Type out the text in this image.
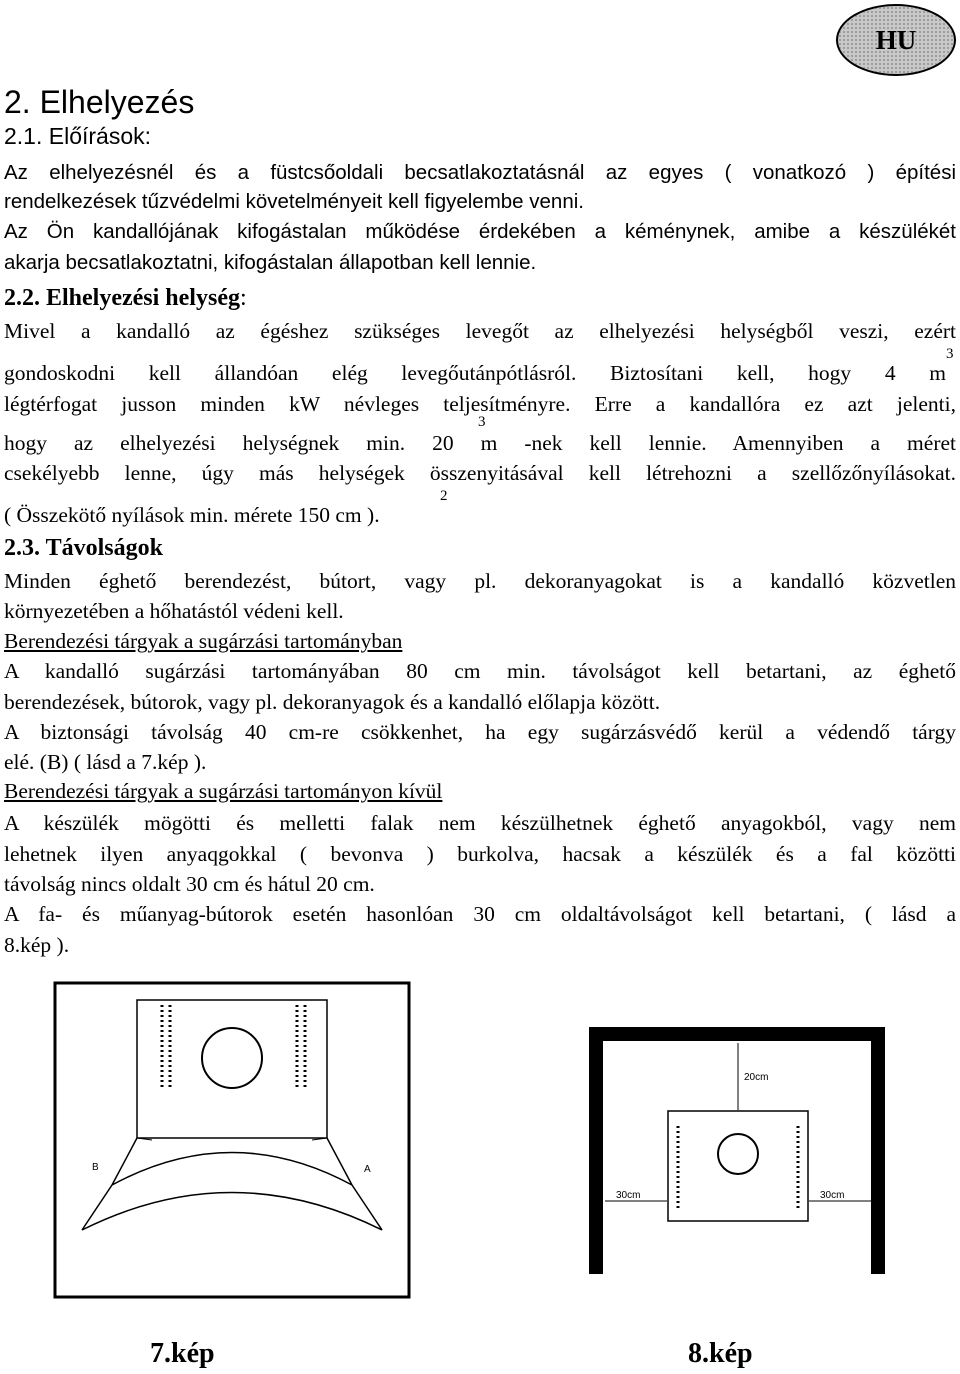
HU
2. Elhelyezés
2.1. Előírások:
Az elhelyezésnél és a füstcsőoldali becsatlakoztatásnál az egyes ( vonatkozó ) építési
rendelkezések tűzvédelmi követelményeit kell figyelembe venni.
Az Ön kandallójának kifogástalan működése érdekében a kéménynek, amibe a készülékét
akarja becsatlakoztatni, kifogástalan állapotban kell lennie.
2.2. Elhelyezési helység:
Mivel a kandalló az égéshez szükséges levegőt az elhelyezési helységből veszi, ezért
gondoskodni kell állandóan elég levegőutánpótlásról. Biztosítani kell, hogy 4 m
3
légtérfogat jusson minden kW névleges teljesítményre. Erre a kandallóra ez azt jelenti,
hogy az elhelyezési helységnek min. 20 m -nek kell lennie. Amennyiben a méret
3
csekélyebb lenne, úgy más helységek összenyitásával kell létrehozni a szellőzőnyílásokat.
( Összekötő nyílások min. mérete 150 cm ).
2
2.3. Távolságok
Minden éghető berendezést, bútort, vagy pl. dekoranyagokat is a kandalló közvetlen
környezetében a hőhatástól védeni kell.
Berendezési tárgyak a sugárzási tartományban
A kandalló sugárzási tartományában 80 cm min. távolságot kell betartani, az éghető
berendezések, bútorok, vagy pl. dekoranyagok és a kandalló előlapja között.
A biztonsági távolság 40 cm-re csökkenhet, ha egy sugárzásvédő kerül a védendő tárgy
elé. (B) ( lásd a 7.kép ).
Berendezési tárgyak a sugárzási tartományon kívül
A készülék mögötti és melletti falak nem készülhetnek éghető anyagokból, vagy nem
lehetnek ilyen anyaqgokkal ( bevonva ) burkolva, hacsak a készülék és a fal közötti
távolság nincs oldalt 30 cm és hátul 20 cm.
A fa- és műanyag-bútorok esetén hasonlóan 30 cm oldaltávolságot kell betartani, ( lásd a
8.kép ).
B	A
20cm
30cm	30cm
7.kép	8.kép
